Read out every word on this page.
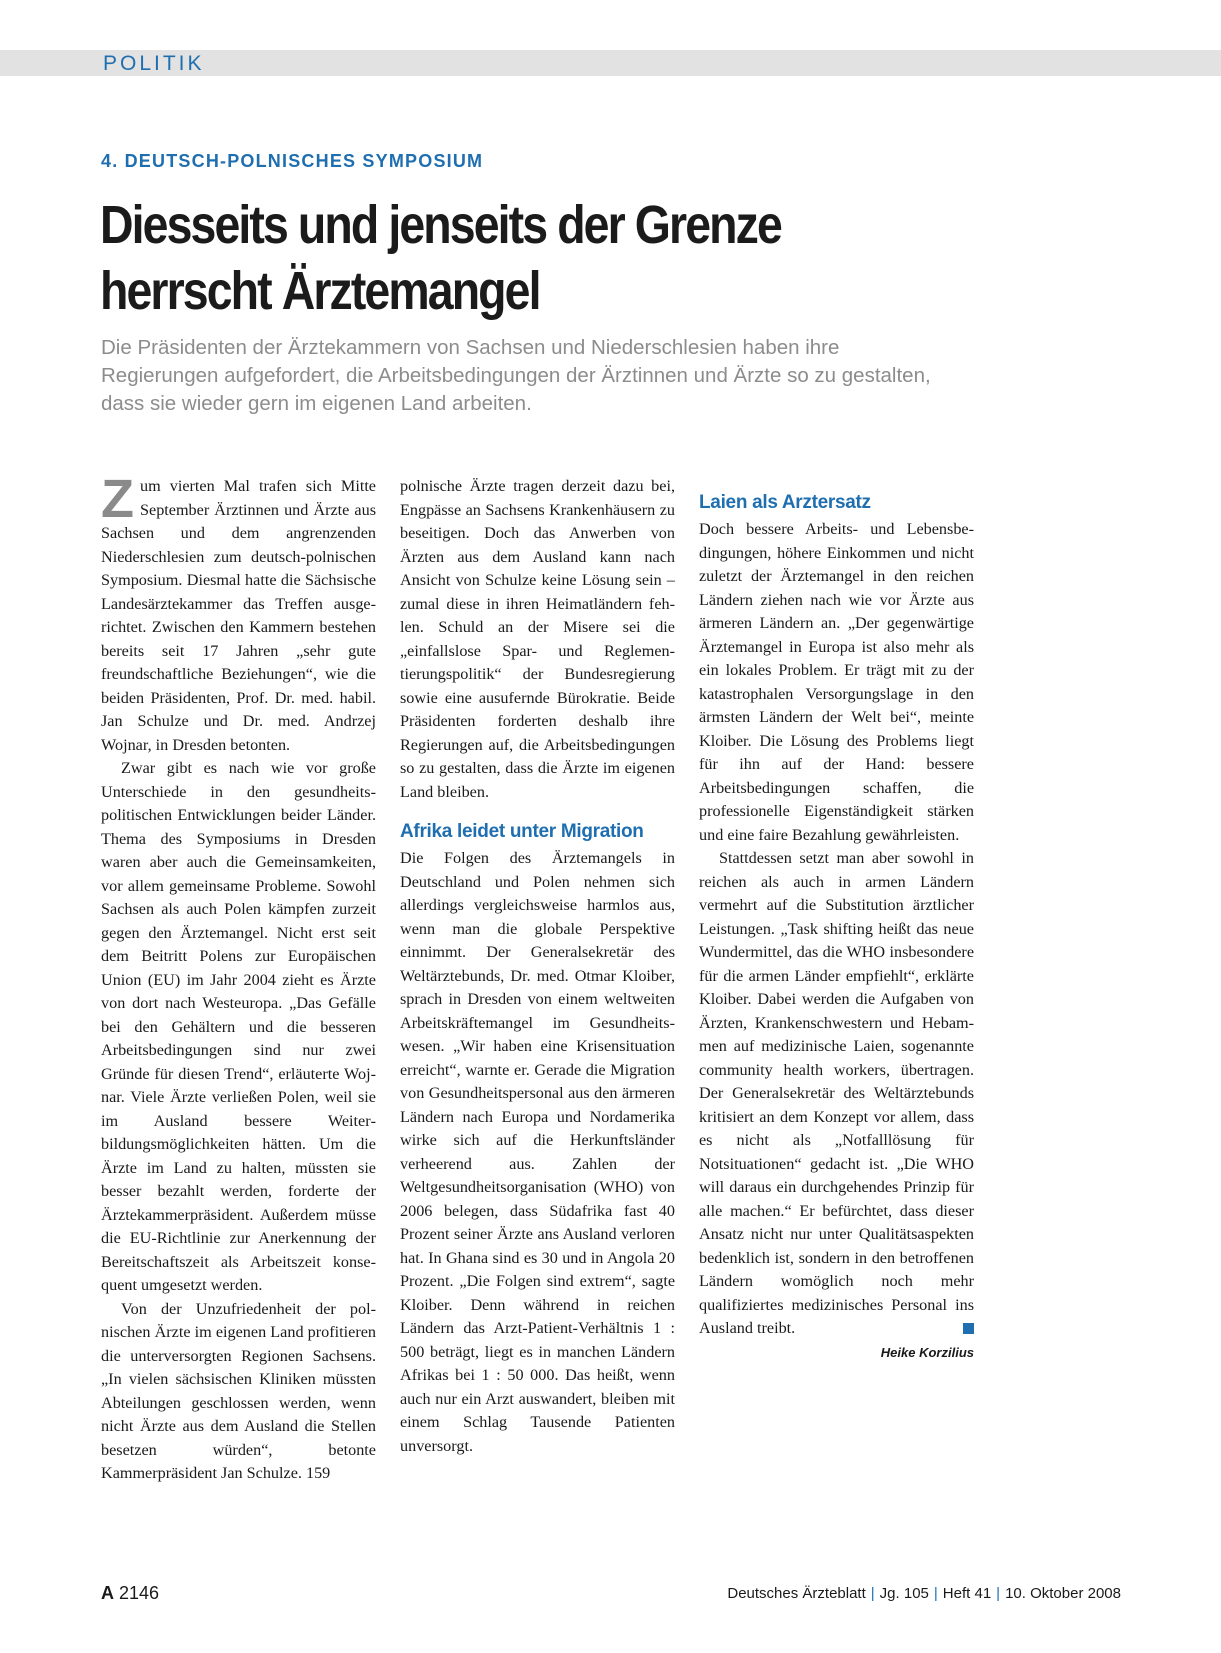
POLITIK
4. DEUTSCH-POLNISCHES SYMPOSIUM
Diesseits und jenseits der Grenze
herrscht Ärztemangel

Die Präsidenten der Ärztekammern von Sachsen und Niederschlesien haben ihre Regierungen aufgefordert, die Arbeitsbedingungen der Ärztinnen und Ärzte so zu gestalten, dass sie wieder gern im eigenen Land arbeiten.

Zum vierten Mal trafen sich Mitte September Ärztinnen und Ärzte aus Sachsen und dem angrenzenden Niederschlesien zum deutsch-polnischen Symposium. Diesmal hatte die Sächsische Landesärztekammer das Treffen ausgerichtet. Zwischen den Kammern bestehen bereits seit 17 Jahren „sehr gute freundschaftliche Beziehungen“, wie die beiden Präsidenten, Prof. Dr. med. habil. Jan Schulze und Dr. med. Andrzej Wojnar, in Dresden betonten.

Zwar gibt es nach wie vor große Unterschiede in den gesundheitspolitischen Entwicklungen beider Länder. Thema des Symposiums in Dresden waren aber auch die Gemeinsamkeiten, vor allem gemeinsame Probleme. Sowohl Sachsen als auch Polen kämpfen zurzeit gegen den Ärztemangel. Nicht erst seit dem Beitritt Polens zur Europäischen Union (EU) im Jahr 2004 zieht es Ärzte von dort nach Westeuropa. „Das Gefälle bei den Gehältern und die besseren Arbeitsbedingungen sind nur zwei Gründe für diesen Trend“, erläuterte Wojnar. Viele Ärzte verließen Polen, weil sie im Ausland bessere Weiterbildungsmöglichkeiten hätten. Um die Ärzte im Land zu halten, müssten sie besser bezahlt werden, forderte der Ärztekammerpräsident. Außerdem müsse die EU-Richtlinie zur Anerkennung der Bereitschaftszeit als Arbeitszeit konsequent umgesetzt werden.

Von der Unzufriedenheit der polnischen Ärzte im eigenen Land profitieren die unterversorgten Regionen Sachsens. „In vielen sächsischen Kliniken müssten Abteilungen geschlossen werden, wenn nicht Ärzte aus dem Ausland die Stellen besetzen würden“, betonte Kammerpräsident Jan Schulze. 159

polnische Ärzte tragen derzeit dazu bei, Engpässe an Sachsens Krankenhäusern zu beseitigen. Doch das Anwerben von Ärzten aus dem Ausland kann nach Ansicht von Schulze keine Lösung sein – zumal diese in ihren Heimatländern fehlen. Schuld an der Misere sei die „einfallslose Spar- und Reglementierungspolitik“ der Bundesregierung sowie eine ausufernde Bürokratie. Beide Präsidenten forderten deshalb ihre Regierungen auf, die Arbeitsbedingungen so zu gestalten, dass die Ärzte im eigenen Land bleiben.
Afrika leidet unter Migration

Die Folgen des Ärztemangels in Deutschland und Polen nehmen sich allerdings vergleichsweise harmlos aus, wenn man die globale Perspektive einnimmt. Der Generalsekretär des Weltärztebunds, Dr. med. Otmar Kloiber, sprach in Dresden von einem weltweiten Arbeitskräftemangel im Gesundheitswesen. „Wir haben eine Krisensituation erreicht“, warnte er. Gerade die Migration von Gesundheitspersonal aus den ärmeren Ländern nach Europa und Nordamerika wirke sich auf die Herkunftsländer verheerend aus. Zahlen der Weltgesundheitsorganisation (WHO) von 2006 belegen, dass Südafrika fast 40 Prozent seiner Ärzte ans Ausland verloren hat. In Ghana sind es 30 und in Angola 20 Prozent. „Die Folgen sind extrem“, sagte Kloiber. Denn während in reichen Ländern das Arzt-Patient-Verhältnis 1 : 500 beträgt, liegt es in manchen Ländern Afrikas bei 1 : 50 000. Das heißt, wenn auch nur ein Arzt auswandert, bleiben mit einem Schlag Tausende Patienten unversorgt.

Laien als Arztersatz

Doch bessere Arbeits- und Lebensbedingungen, höhere Einkommen und nicht zuletzt der Ärztemangel in den reichen Ländern ziehen nach wie vor Ärzte aus ärmeren Ländern an. „Der gegenwärtige Ärztemangel in Europa ist also mehr als ein lokales Problem. Er trägt mit zu der katastrophalen Versorgungslage in den ärmsten Ländern der Welt bei“, meinte Kloiber. Die Lösung des Problems liegt für ihn auf der Hand: bessere Arbeitsbedingungen schaffen, die professionelle Eigenständigkeit stärken und eine faire Bezahlung gewährleisten.

Stattdessen setzt man aber sowohl in reichen als auch in armen Ländern vermehrt auf die Substitution ärztlicher Leistungen. „Task shifting heißt das neue Wundermittel, das die WHO insbesondere für die armen Länder empfiehlt“, erklärte Kloiber. Dabei werden die Aufgaben von Ärzten, Krankenschwestern und Hebammen auf medizinische Laien, sogenannte community health workers, übertragen. Der Generalsekretär des Weltärztebunds kritisiert an dem Konzept vor allem, dass es nicht als „Notfalllösung für Notsituationen“ gedacht ist. „Die WHO will daraus ein durchgehendes Prinzip für alle machen.“ Er befürchtet, dass dieser Ansatz nicht nur unter Qualitätsaspekten bedenklich ist, sondern in den betroffenen Ländern womöglich noch mehr qualifiziertes medizinisches Personal ins Ausland treibt.

Heike Korzilius
A 2146	Deutsches Ärzteblatt | Jg. 105 | Heft 41 | 10. Oktober 2008
